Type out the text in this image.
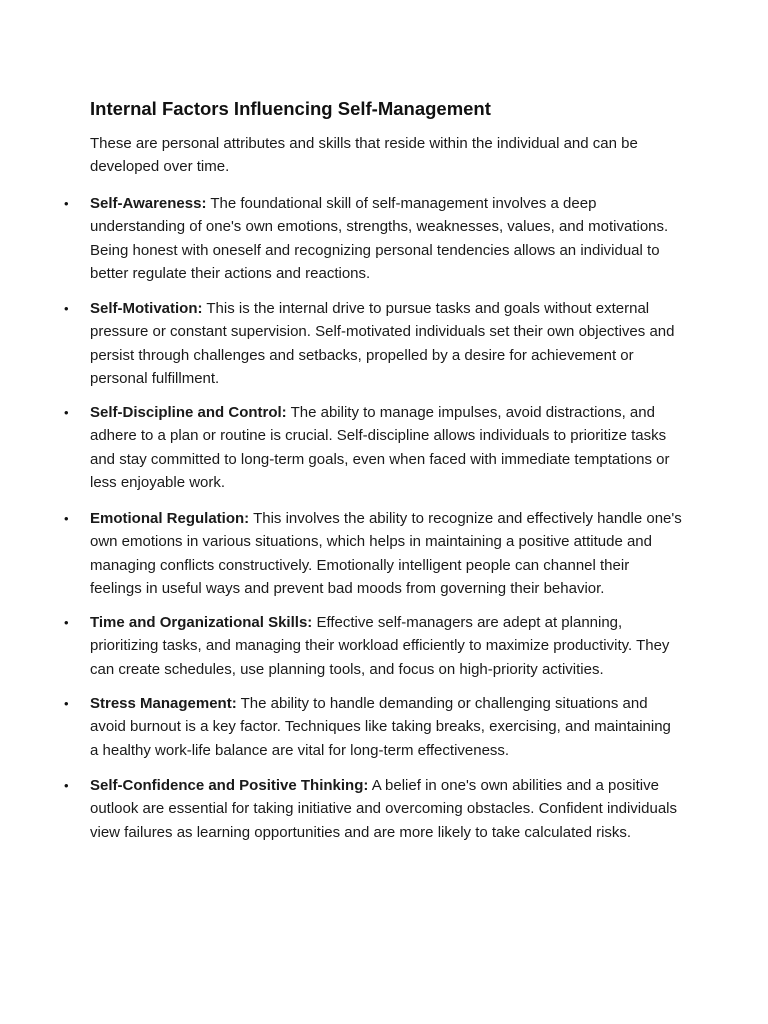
Internal Factors Influencing Self-Management

These are personal attributes and skills that reside within the individual and can be developed over time.

• Self-Awareness: The foundational skill of self-management involves a deep understanding of one's own emotions, strengths, weaknesses, values, and motivations. Being honest with oneself and recognizing personal tendencies allows an individual to better regulate their actions and reactions.
• Self-Motivation: This is the internal drive to pursue tasks and goals without external pressure or constant supervision. Self-motivated individuals set their own objectives and persist through challenges and setbacks, propelled by a desire for achievement or personal fulfillment.
• Self-Discipline and Control: The ability to manage impulses, avoid distractions, and adhere to a plan or routine is crucial. Self-discipline allows individuals to prioritize tasks and stay committed to long-term goals, even when faced with immediate temptations or less enjoyable work.
• Emotional Regulation: This involves the ability to recognize and effectively handle one's own emotions in various situations, which helps in maintaining a positive attitude and managing conflicts constructively. Emotionally intelligent people can channel their feelings in useful ways and prevent bad moods from governing their behavior.
• Time and Organizational Skills: Effective self-managers are adept at planning, prioritizing tasks, and managing their workload efficiently to maximize productivity. They can create schedules, use planning tools, and focus on high-priority activities.
• Stress Management: The ability to handle demanding or challenging situations and avoid burnout is a key factor. Techniques like taking breaks, exercising, and maintaining a healthy work-life balance are vital for long-term effectiveness.
• Self-Confidence and Positive Thinking: A belief in one's own abilities and a positive outlook are essential for taking initiative and overcoming obstacles. Confident individuals view failures as learning opportunities and are more likely to take calculated risks.
